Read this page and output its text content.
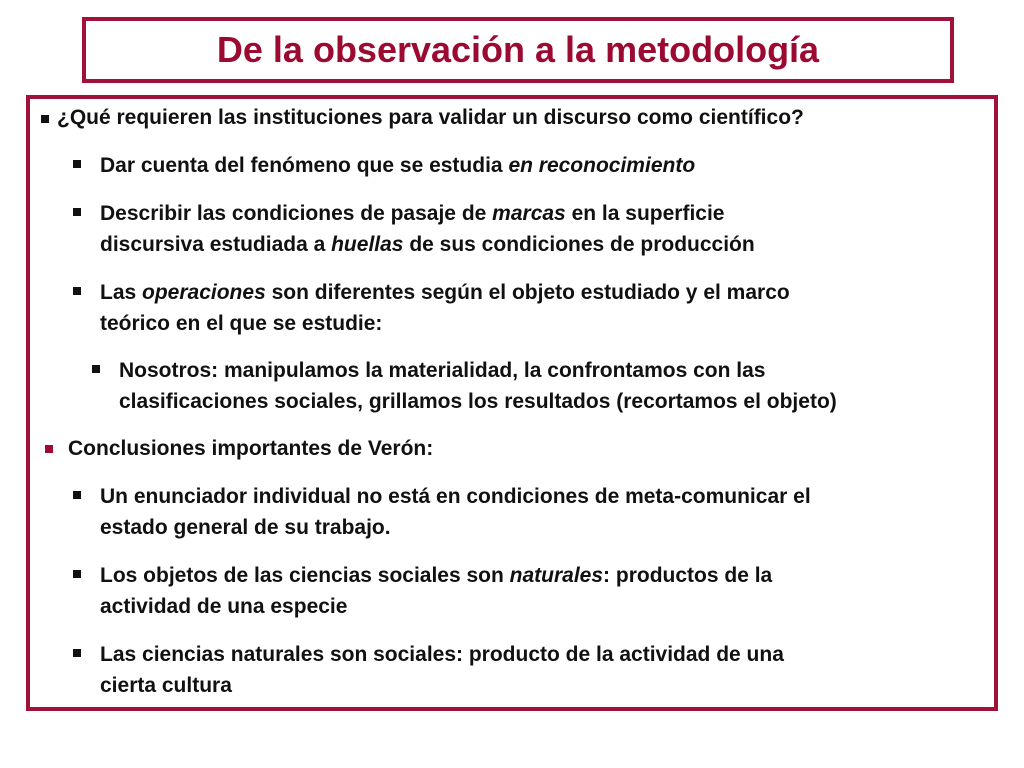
De la observación a la metodología
¿Qué requieren las instituciones para validar un discurso como científico?
Dar cuenta del fenómeno que se estudia en reconocimiento
Describir las condiciones de pasaje de marcas en la superficie
discursiva estudiada a huellas de sus condiciones de producción
Las operaciones son diferentes según el objeto estudiado y el marco
teórico en el que se estudie:
Nosotros: manipulamos la materialidad, la confrontamos con las
clasificaciones sociales, grillamos los resultados (recortamos el objeto)
Conclusiones importantes de Verón:
Un enunciador individual no está en condiciones de meta-comunicar el
estado general de su trabajo.
Los objetos de las ciencias sociales son naturales: productos de la
actividad de una especie
Las ciencias naturales son sociales: producto de la actividad de una
cierta cultura
